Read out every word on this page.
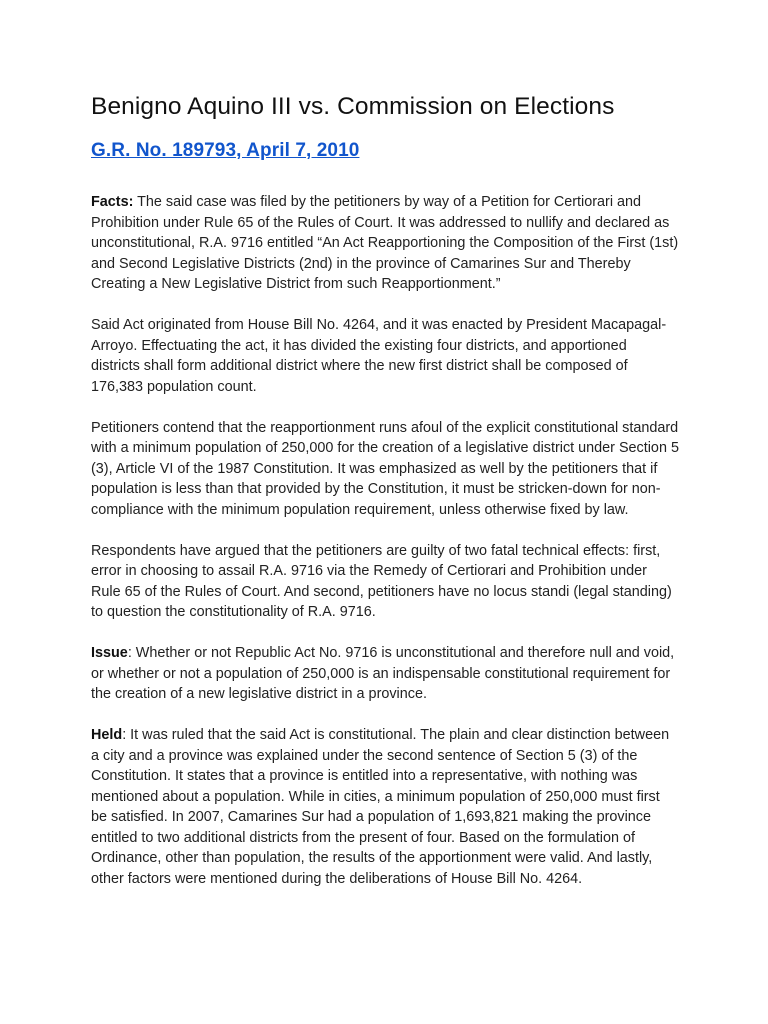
Benigno Aquino III vs. Commission on Elections
G.R. No. 189793, April 7, 2010

Facts: The said case was filed by the petitioners by way of a Petition for Certiorari and Prohibition under Rule 65 of the Rules of Court. It was addressed to nullify and declared as unconstitutional, R.A. 9716 entitled “An Act Reapportioning the Composition of the First (1st) and Second Legislative Districts (2nd) in the province of Camarines Sur and Thereby Creating a New Legislative District from such Reapportionment.”

Said Act originated from House Bill No. 4264, and it was enacted by President Macapagal-Arroyo. Effectuating the act, it has divided the existing four districts, and apportioned districts shall form additional district where the new first district shall be composed of 176,383 population count.

Petitioners contend that the reapportionment runs afoul of the explicit constitutional standard with a minimum population of 250,000 for the creation of a legislative district under Section 5 (3), Article VI of the 1987 Constitution. It was emphasized as well by the petitioners that if population is less than that provided by the Constitution, it must be stricken-down for non-compliance with the minimum population requirement, unless otherwise fixed by law.

Respondents have argued that the petitioners are guilty of two fatal technical effects: first, error in choosing to assail R.A. 9716 via the Remedy of Certiorari and Prohibition under Rule 65 of the Rules of Court. And second, petitioners have no locus standi (legal standing) to question the constitutionality of R.A. 9716.

Issue: Whether or not Republic Act No. 9716 is unconstitutional and therefore null and void, or whether or not a population of 250,000 is an indispensable constitutional requirement for the creation of a new legislative district in a province.

Held: It was ruled that the said Act is constitutional. The plain and clear distinction between a city and a province was explained under the second sentence of Section 5 (3) of the Constitution. It states that a province is entitled into a representative, with nothing was mentioned about a population. While in cities, a minimum population of 250,000 must first be satisfied. In 2007, Camarines Sur had a population of 1,693,821 making the province entitled to two additional districts from the present of four. Based on the formulation of Ordinance, other than population, the results of the apportionment were valid. And lastly, other factors were mentioned during the deliberations of House Bill No. 4264.
